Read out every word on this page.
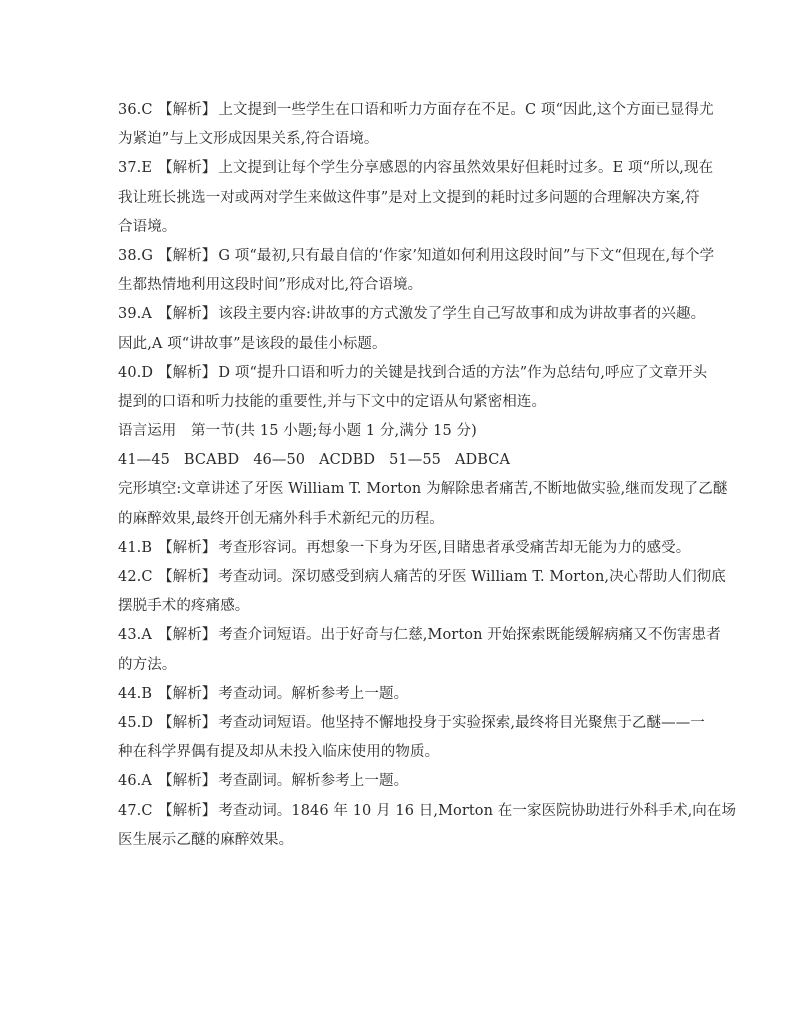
36.C 【解析】 上文提到一些学生在口语和听力方面存在不足。C 项“因此,这个方面已显得尤
为紧迫”与上文形成因果关系,符合语境。
37.E 【解析】 上文提到让每个学生分享感恩的内容虽然效果好但耗时过多。E 项“所以,现在
我让班长挑选一对或两对学生来做这件事”是对上文提到的耗时过多问题的合理解决方案,符
合语境。
38.G 【解析】 G 项“最初,只有最自信的‘作家’知道如何利用这段时间”与下文“但现在,每个学
生都热情地利用这段时间”形成对比,符合语境。
39.A 【解析】 该段主要内容:讲故事的方式激发了学生自己写故事和成为讲故事者的兴趣。
因此,A 项“讲故事”是该段的最佳小标题。
40.D 【解析】 D 项“提升口语和听力的关键是找到合适的方法”作为总结句,呼应了文章开头
提到的口语和听力技能的重要性,并与下文中的定语从句紧密相连。
语言运用　第一节(共 15 小题;每小题 1 分,满分 15 分)
41—45 BCABD 46—50 ACDBD 51—55 ADBCA
完形填空:文章讲述了牙医 William T. Morton 为解除患者痛苦,不断地做实验,继而发现了乙醚
的麻醉效果,最终开创无痛外科手术新纪元的历程。
41.B 【解析】 考查形容词。再想象一下身为牙医,目睹患者承受痛苦却无能为力的感受。
42.C 【解析】 考查动词。深切感受到病人痛苦的牙医 William T. Morton,决心帮助人们彻底
摆脱手术的疼痛感。
43.A 【解析】 考查介词短语。出于好奇与仁慈,Morton 开始探索既能缓解病痛又不伤害患者
的方法。
44.B 【解析】 考查动词。解析参考上一题。
45.D 【解析】 考查动词短语。他坚持不懈地投身于实验探索,最终将目光聚焦于乙醚——一
种在科学界偶有提及却从未投入临床使用的物质。
46.A 【解析】 考查副词。解析参考上一题。
47.C 【解析】 考查动词。1846 年 10 月 16 日,Morton 在一家医院协助进行外科手术,向在场
医生展示乙醚的麻醉效果。
